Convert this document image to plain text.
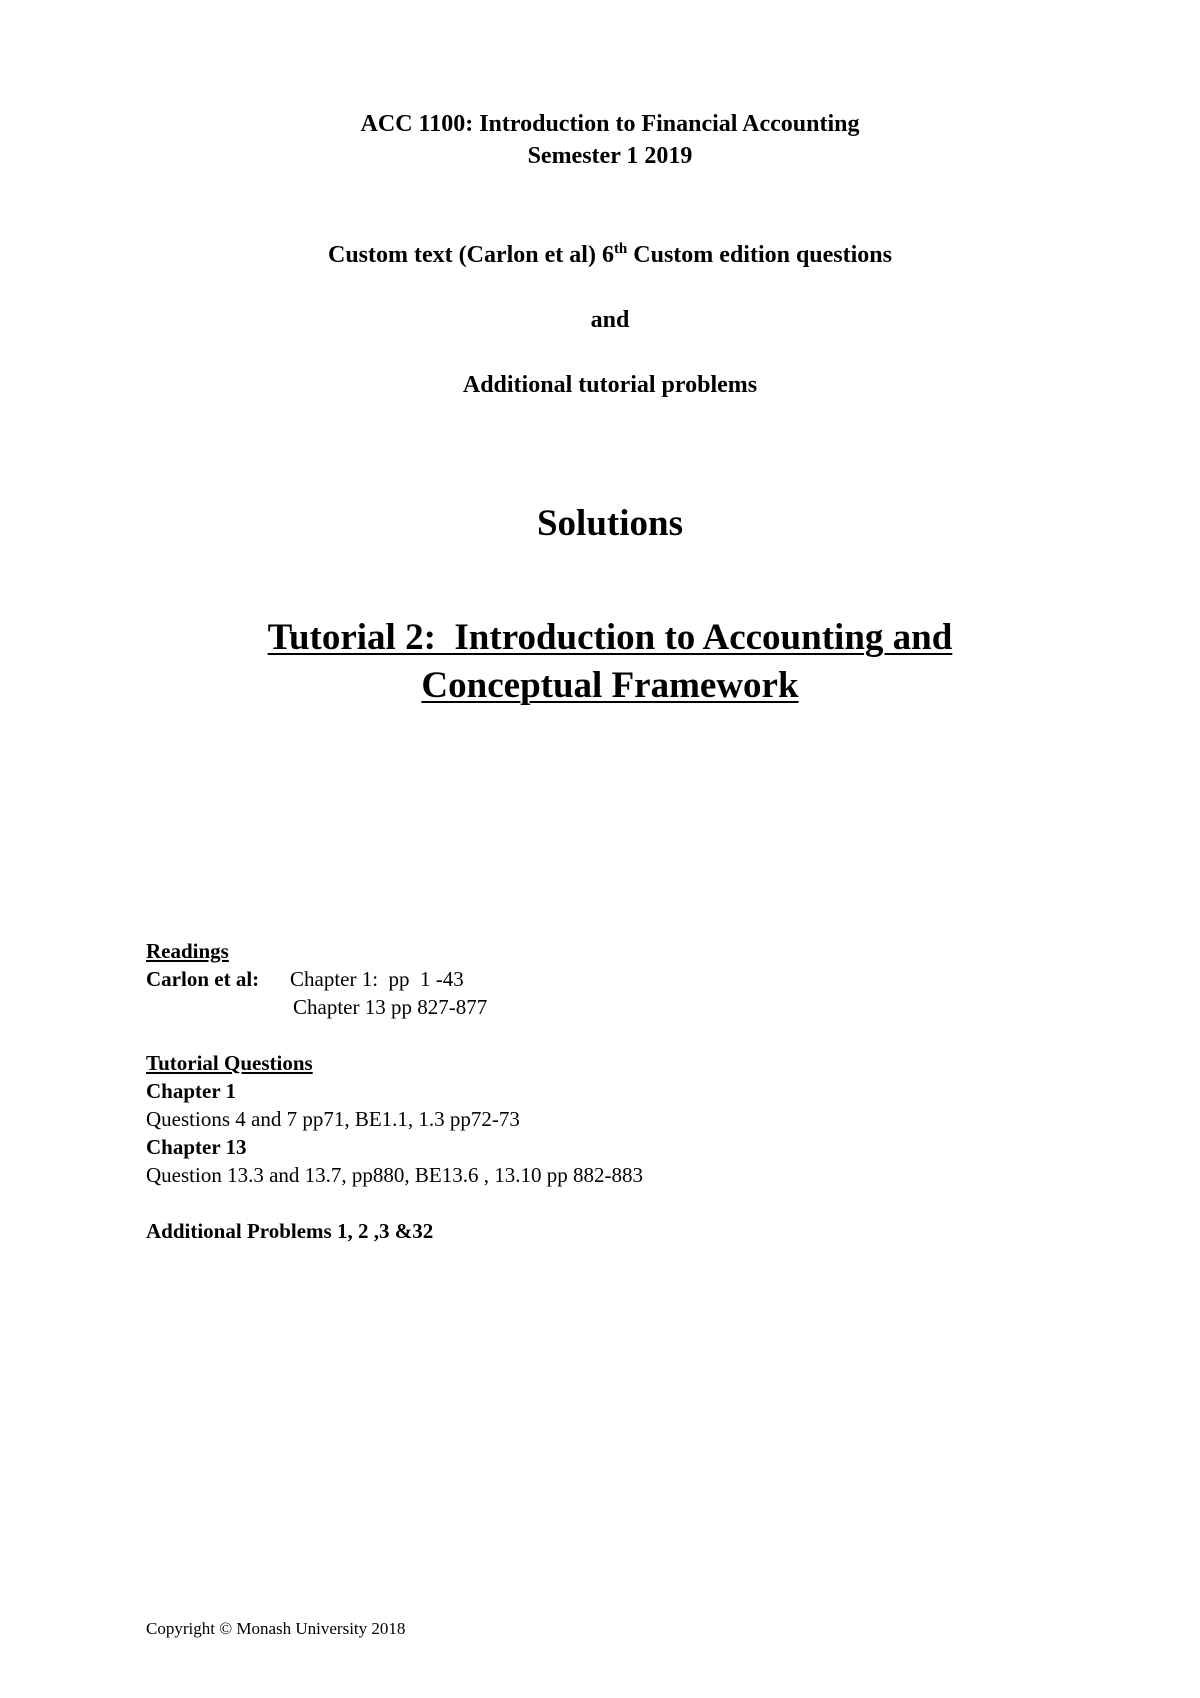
ACC 1100: Introduction to Financial Accounting
Semester 1 2019
Custom text (Carlon et al) 6th Custom edition questions
and
Additional tutorial problems
Solutions
Tutorial 2:  Introduction to Accounting and
Conceptual Framework
Readings
Carlon et al: Chapter 1:  pp  1 -43
Chapter 13 pp 827-877
Tutorial Questions
Chapter 1
Questions 4 and 7 pp71, BE1.1, 1.3 pp72-73
Chapter 13
Question 13.3 and 13.7, pp880, BE13.6 , 13.10 pp 882-883
Additional Problems 1, 2 ,3 &32
Copyright © Monash University 2018
